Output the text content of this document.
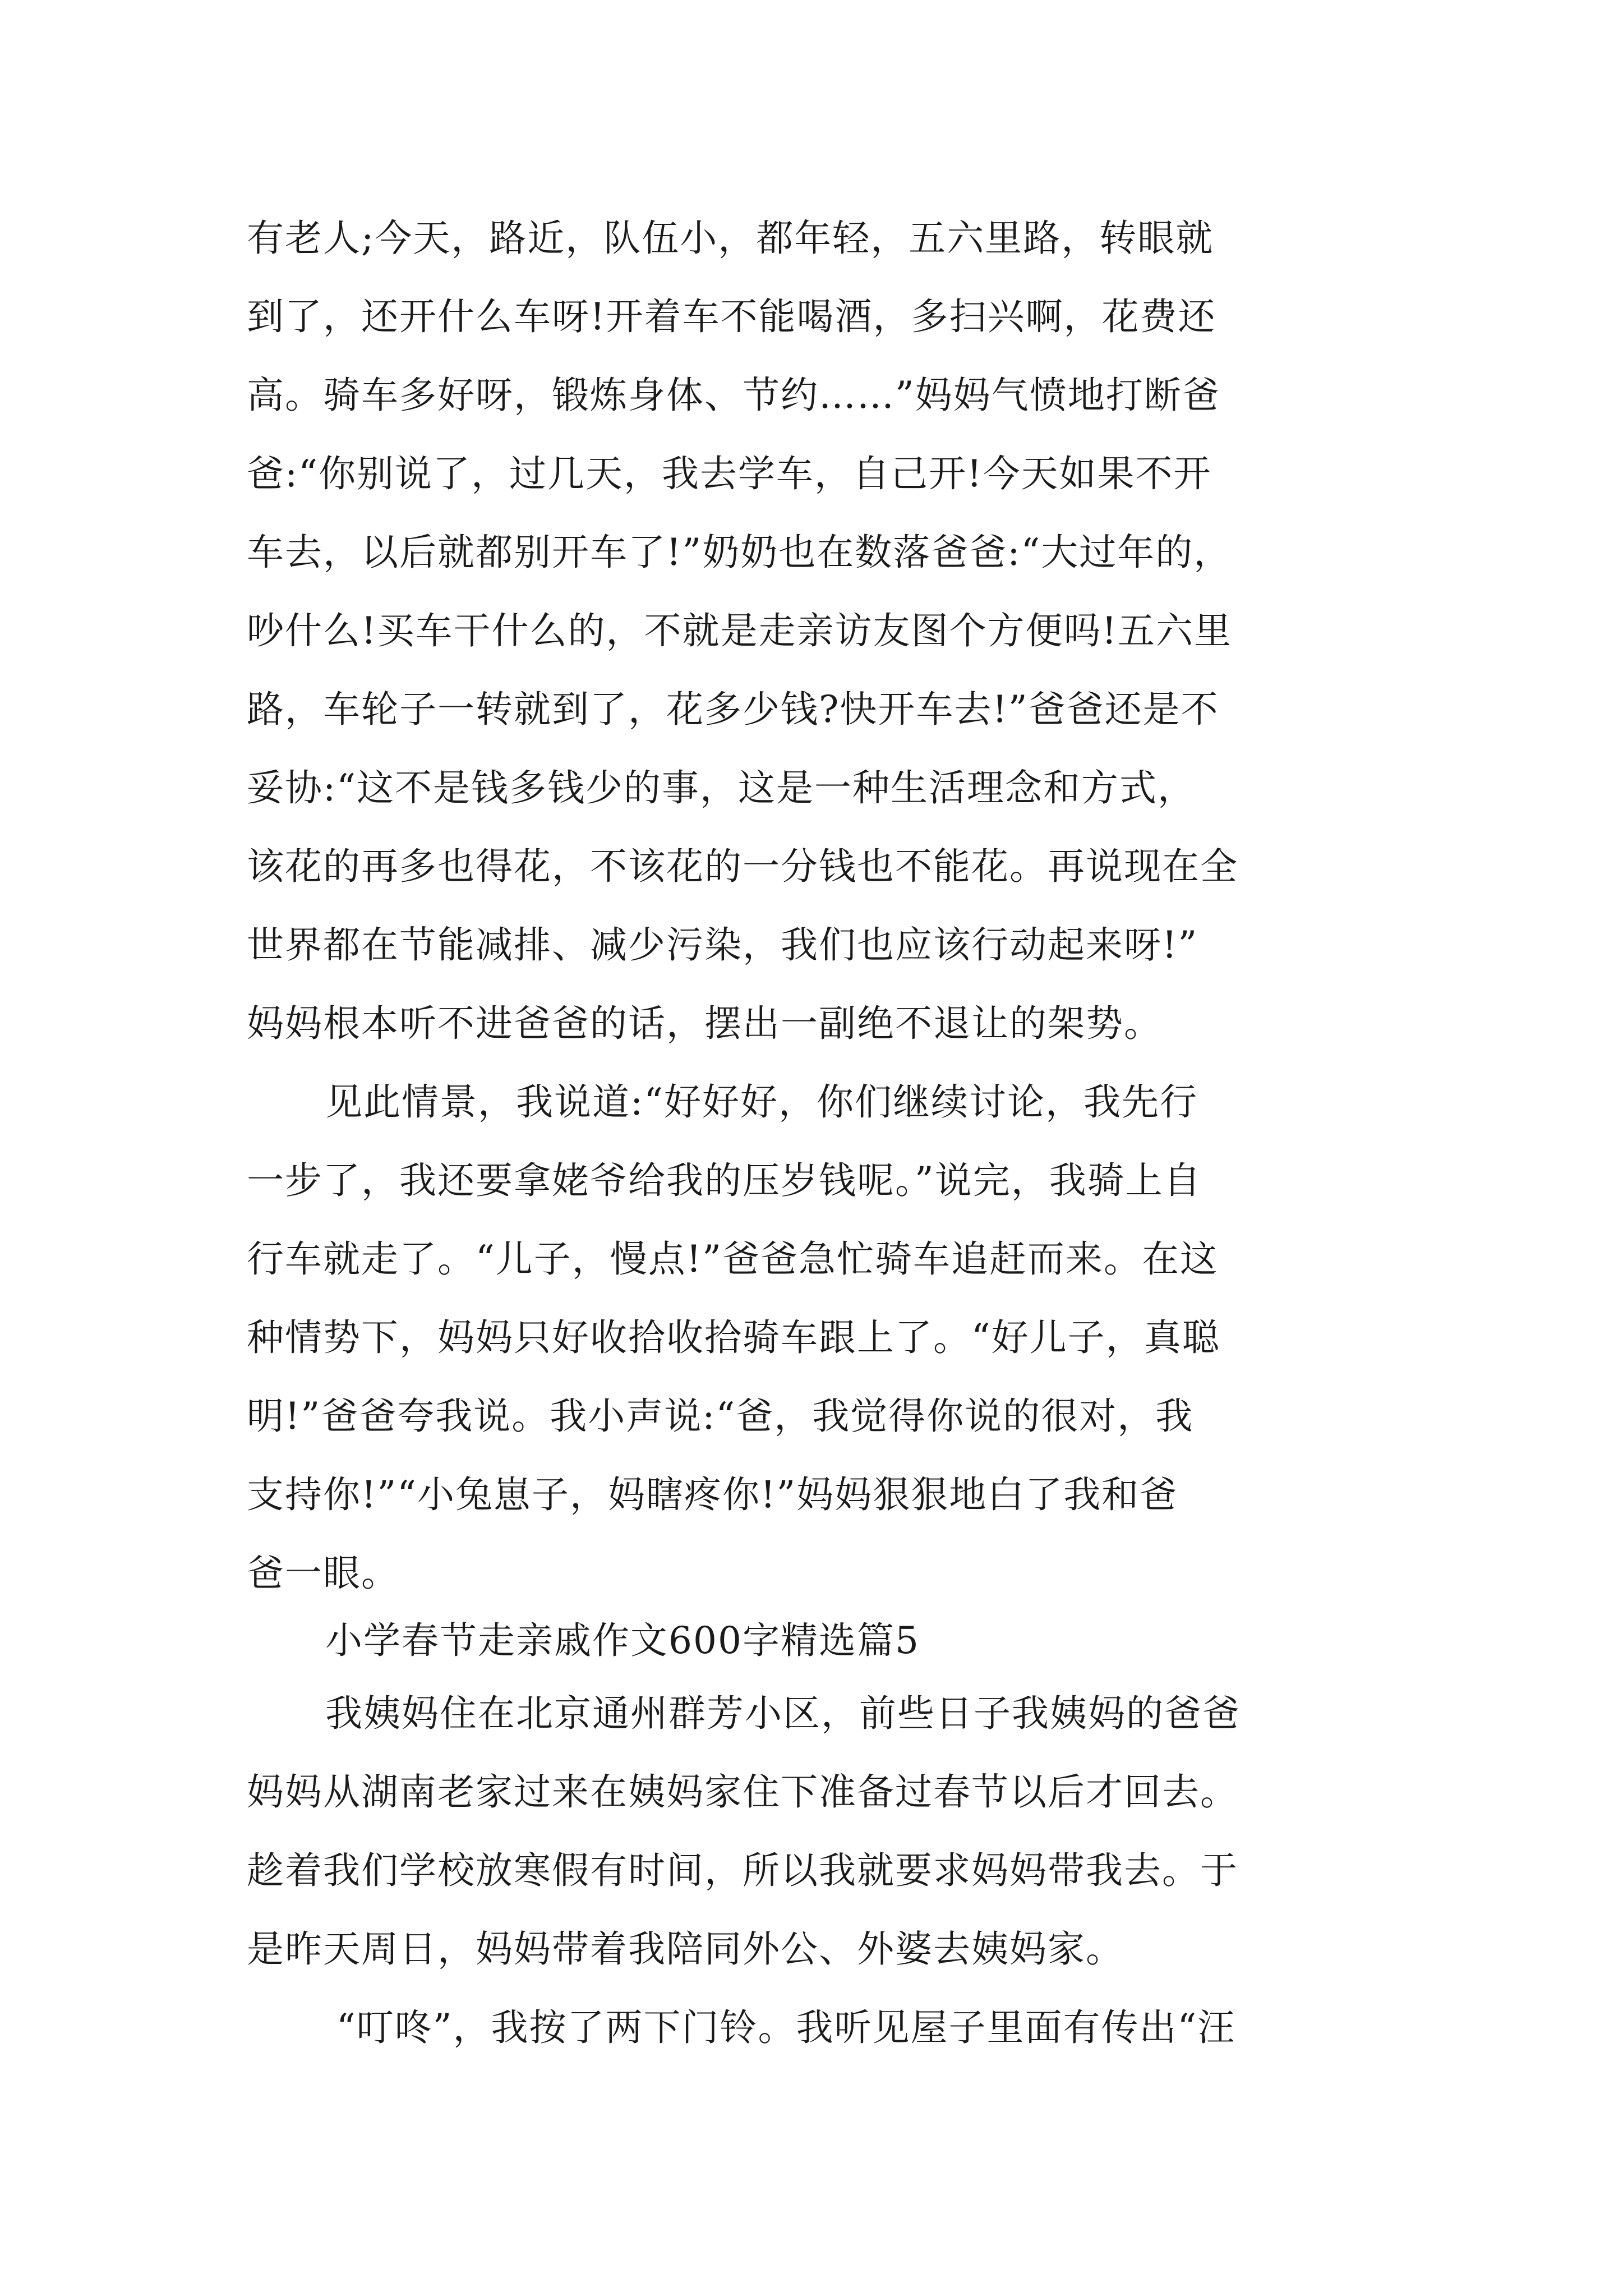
有老人;今天，路近，队伍小，都年轻，五六里路，转眼就
到了，还开什么车呀!开着车不能喝酒，多扫兴啊，花费还
高。骑车多好呀，锻炼身体、节约……”妈妈气愤地打断爸
爸:“你别说了，过几天，我去学车，自己开!今天如果不开
车去，以后就都别开车了!”奶奶也在数落爸爸:“大过年的，
吵什么!买车干什么的，不就是走亲访友图个方便吗!五六里
路，车轮子一转就到了，花多少钱?快开车去!”爸爸还是不
妥协:“这不是钱多钱少的事，这是一种生活理念和方式，
该花的再多也得花，不该花的一分钱也不能花。再说现在全
世界都在节能减排、减少污染，我们也应该行动起来呀!”
妈妈根本听不进爸爸的话，摆出一副绝不退让的架势。
见此情景，我说道:“好好好，你们继续讨论，我先行
一步了，我还要拿姥爷给我的压岁钱呢。”说完，我骑上自
行车就走了。“儿子，慢点!”爸爸急忙骑车追赶而来。在这
种情势下，妈妈只好收拾收拾骑车跟上了。“好儿子，真聪
明!”爸爸夸我说。我小声说:“爸，我觉得你说的很对，我
支持你!”“小兔崽子，妈瞎疼你!”妈妈狠狠地白了我和爸
爸一眼。
小学春节走亲戚作文600字精选篇5
我姨妈住在北京通州群芳小区，前些日子我姨妈的爸爸
妈妈从湖南老家过来在姨妈家住下准备过春节以后才回去。
趁着我们学校放寒假有时间，所以我就要求妈妈带我去。于
是昨天周日，妈妈带着我陪同外公、外婆去姨妈家。
“叮咚”，我按了两下门铃。我听见屋子里面有传出“汪
